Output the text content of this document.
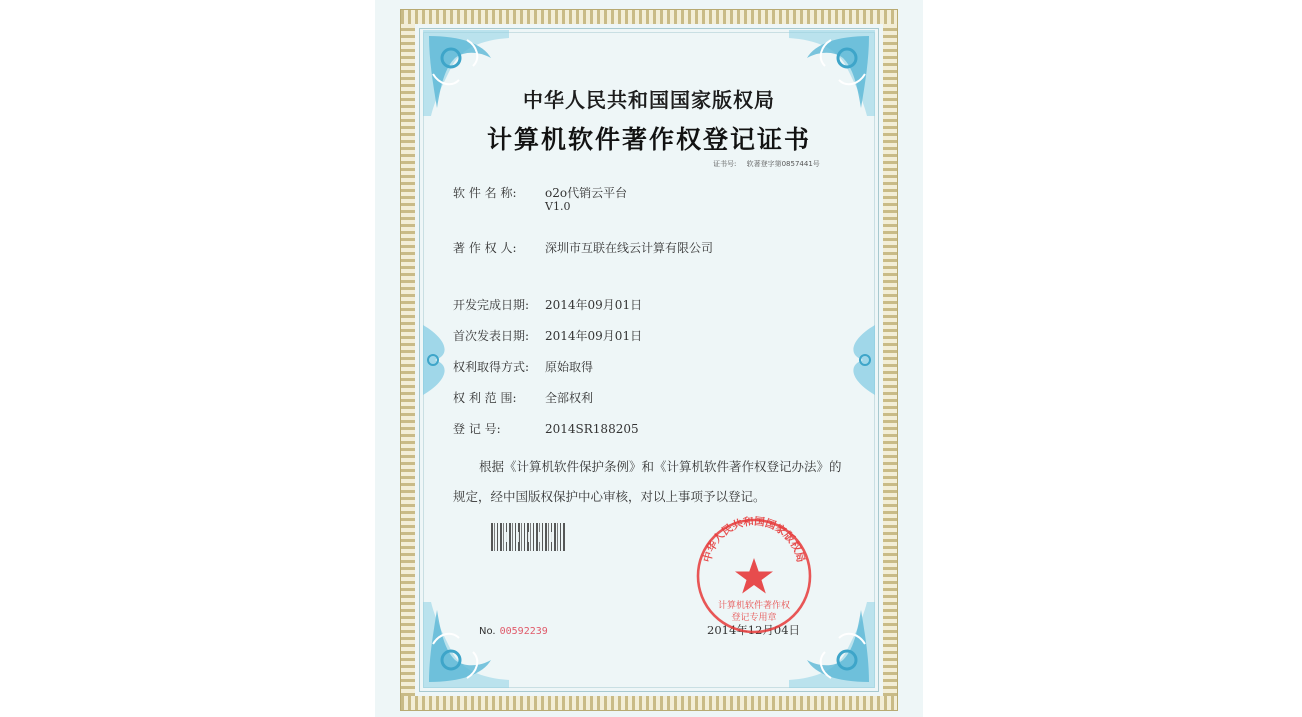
中华人民共和国国家版权局
计算机软件著作权登记证书
证书号: 软著登字第0857441号
软 件 名 称: o2o代销云平台
V1.0
著 作 权 人: 深圳市互联在线云计算有限公司
开发完成日期: 2014年09月01日
首次发表日期: 2014年09月01日
权利取得方式: 原始取得
权 利 范 围: 全部权利
登 记 号:	2014SR188205
根据《计算机软件保护条例》和《计算机软件著作权登记办法》的
规定，经中国版权保护中心审核，对以上事项予以登记。
No. 00592239	2014年12月04日
中华人民共和国国家版权局
计算机软件著作权
登记专用章
